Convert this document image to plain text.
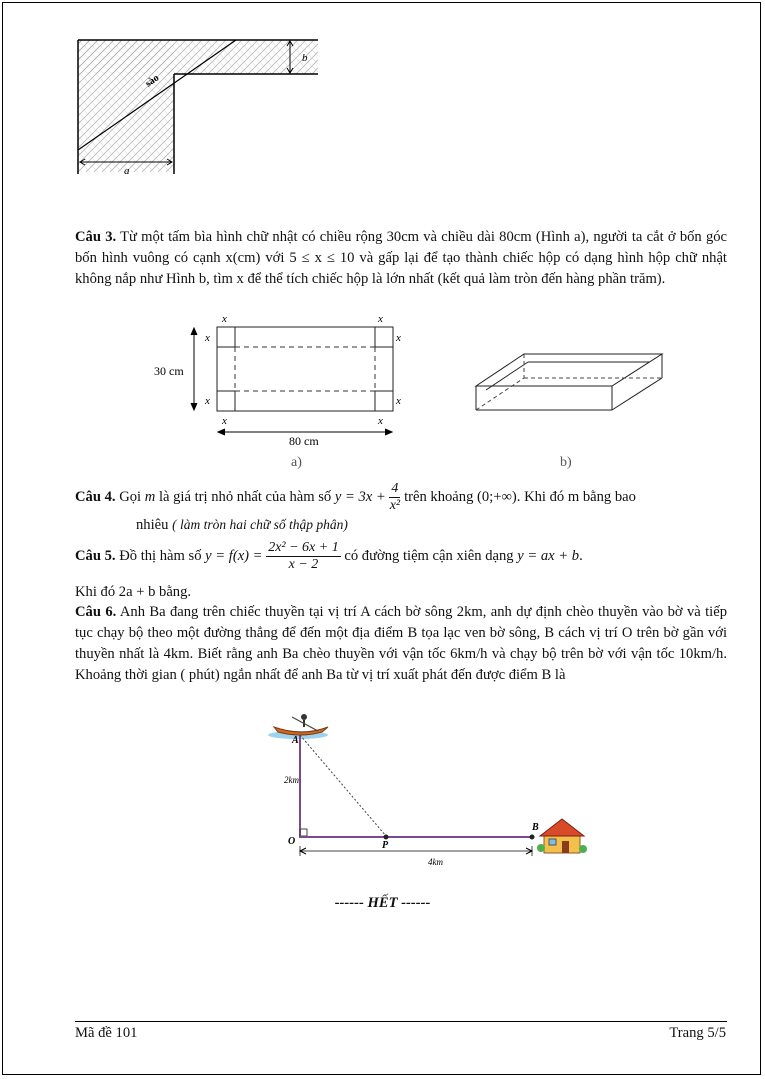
b
sào
a
Câu 3. Từ một tấm bìa hình chữ nhật có chiều rộng 30cm và chiều dài 80cm (Hình a), người ta cắt ở bốn góc bốn hình vuông có cạnh x(cm) với 5 ≤ x ≤ 10 và gấp lại để tạo thành chiếc hộp có dạng hình hộp chữ nhật không nắp như Hình b, tìm x để thể tích chiếc hộp là lớn nhất (kết quả làm tròn đến hàng phần trăm).
x	x
x	x
x	x
x	x
30 cm
80 cm
a)	b)
Câu 4. Gọi m là giá trị nhỏ nhất của hàm số $y = 3x + \frac{4}{\text{x²}}$ trên khoảng (0;+∞). Khi đó m bằng bao
nhiêu ( làm tròn hai chữ số thập phân)
Câu 5. Đồ thị hàm số $y = f(x) = \frac{\text{2x² − 6x + 1}}{x - 2}$ có đường tiệm cận xiên dạng y = ax + b.
Khi đó 2a + b bằng.
Câu 6. Anh Ba đang trên chiếc thuyền tại vị trí A cách bờ sông 2km, anh dự định chèo thuyền vào bờ và tiếp tục chạy bộ theo một đường thẳng để đến một địa điểm B tọa lạc ven bờ sông, B cách vị trí O trên bờ gần với thuyền nhất là 4km. Biết rằng anh Ba chèo thuyền với vận tốc 6km/h và chạy bộ trên bờ với vận tốc 10km/h. Khoảng thời gian ( phút) ngắn nhất để anh Ba từ vị trí xuất phát đến được điểm B là
A
O	P
B
2km
4km
------ HẾT ------
Mã đề 101	Trang 5/5
